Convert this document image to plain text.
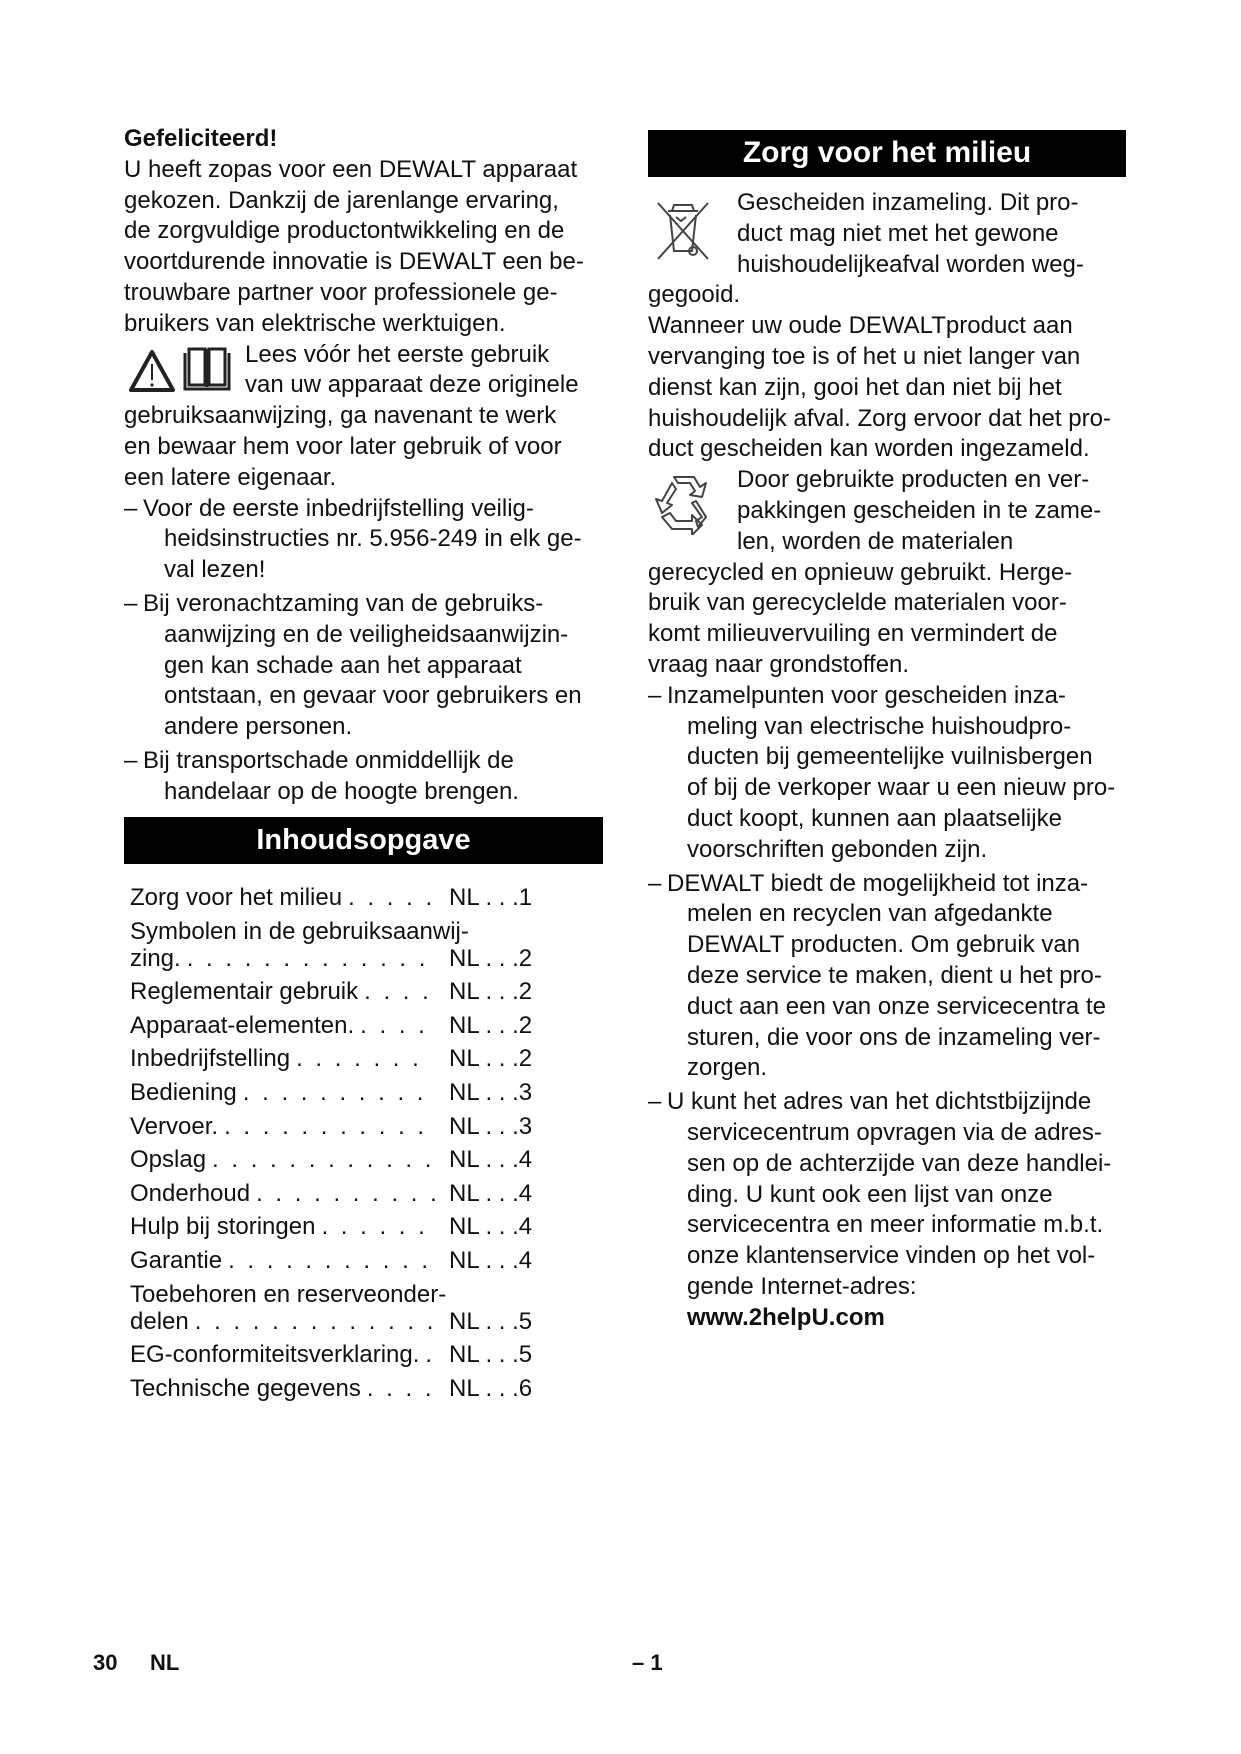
Gefeliciteerd!
U heeft zopas voor een DEWALT apparaat
gekozen. Dankzij de jarenlange ervaring,
de zorgvuldige productontwikkeling en de
voortdurende innovatie is DEWALT een be-
trouwbare partner voor professionele ge-
bruikers van elektrische werktuigen.
Lees vóór het eerste gebruik
van uw apparaat deze originele
gebruiksaanwijzing, ga navenant te werk
en bewaar hem voor later gebruik of voor
een latere eigenaar.
– Voor de eerste inbedrijfstelling veilig-
heidsinstructies nr. 5.956-249 in elk ge-
val lezen!
– Bij veronachtzaming van de gebruiks-
aanwijzing en de veiligheidsaanwijzin-
gen kan schade aan het apparaat
ontstaan, en gevaar voor gebruikers en
andere personen.
– Bij transportschade onmiddellijk de
handelaar op de hoogte brengen.
Inhoudsopgave
Zorg voor het milieu . . . . . NL . . .1
Symbolen in de gebruiksaanwij-
zing. . . . . . . . . . . . . . NL . . .2
Reglementair gebruik . . . . NL . . .2
Apparaat-elementen. . . . . NL . . .2
Inbedrijfstelling . . . . . . . NL . . .2
Bediening . . . . . . . . . . NL . . .3
Vervoer. . . . . . . . . . . . NL . . .3
Opslag . . . . . . . . . . . . NL . . .4
Onderhoud . . . . . . . . . . NL . . .4
Hulp bij storingen . . . . . . NL . . .4
Garantie . . . . . . . . . . . NL . . .4
Toebehoren en reserveonder-
delen . . . . . . . . . . . . . NL . . .5
EG-conformiteitsverklaring. . NL . . .5
Technische gegevens . . . . NL . . .6
Zorg voor het milieu
Gescheiden inzameling. Dit pro-
duct mag niet met het gewone
huishoudelijkeafval worden weg-
gegooid.
Wanneer uw oude DEWALTproduct aan
vervanging toe is of het u niet langer van
dienst kan zijn, gooi het dan niet bij het
huishoudelijk afval. Zorg ervoor dat het pro-
duct gescheiden kan worden ingezameld.
Door gebruikte producten en ver-
pakkingen gescheiden in te zame-
len, worden de materialen
gerecycled en opnieuw gebruikt. Herge-
bruik van gerecyclelde materialen voor-
komt milieuvervuiling en vermindert de
vraag naar grondstoffen.
– Inzamelpunten voor gescheiden inza-
meling van electrische huishoudpro-
ducten bij gemeentelijke vuilnisbergen
of bij de verkoper waar u een nieuw pro-
duct koopt, kunnen aan plaatselijke
voorschriften gebonden zijn.
– DEWALT biedt de mogelijkheid tot inza-
melen en recyclen van afgedankte
DEWALT producten. Om gebruik van
deze service te maken, dient u het pro-
duct aan een van onze servicecentra te
sturen, die voor ons de inzameling ver-
zorgen.
– U kunt het adres van het dichtstbijzijnde
servicecentrum opvragen via de adres-
sen op de achterzijde van deze handlei-
ding. U kunt ook een lijst van onze
servicecentra en meer informatie m.b.t.
onze klantenservice vinden op het vol-
gende Internet-adres:
www.2helpU.com
30 NL	– 1
